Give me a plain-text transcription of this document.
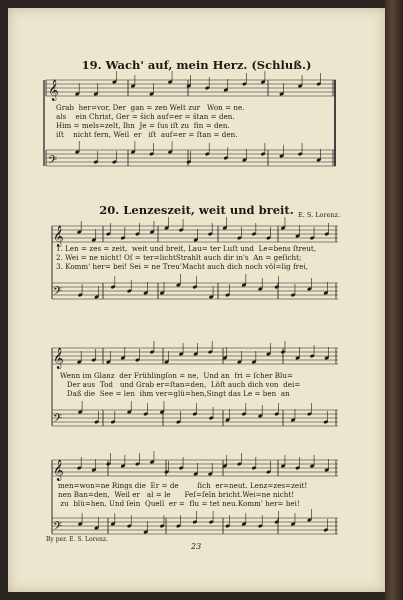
19. Wach' auf, mein Herz. (Schluß.)
𝄞
𝄢
𝄞
𝄢
𝄞
𝄢
𝄞
𝄢
Grab  her=vor, Der  gan = zen Welt zur   Won = ne.
als    ein Christ, Ger = ŝich auf=er = ŝtan = den.
Him = mels=zelt, Ihn  Je = ſus iſt zu  fin = den.
iſt    nicht fern, Weil  er   iſt  auf=er = ſtan = den.
20. Lenzeszeit, weit und breit. E. S. Lorenz.
1. Len = zes = zeit,  weit und breit, Lau= ter Luſt und  Le=bens ſtreut,
2. Wei = ne nicht! Oſ = ter=lichtStrahlt auch dir in's  An = geſicht;
3. Komm' her= bei! Sei = ne Treu'Macht auch dich noch völ=lig frei,
Wenn im Glanz  der Frühlingſon = ne,  Und an  fri = ſcher Blu=
Der aus  Tod   und Grab er=ſtan=den,  Löſt auch dich von  dei=
Daß die  See = len  ihm ver=glü=hen,Singt das Le = ben  an
men=won=ne Rings die  Er = de        ſich  er=neut. Lenz=zes=zeit!
nen Ban=den,  Weil er   al = le      Feſ=ſeln bricht.Wei=ne nicht!
zu  blü=hen, Und ſein  Quell  er =  flu = tet neu.Komm' her= bei!
By per. E. S. Lorenz.
23
